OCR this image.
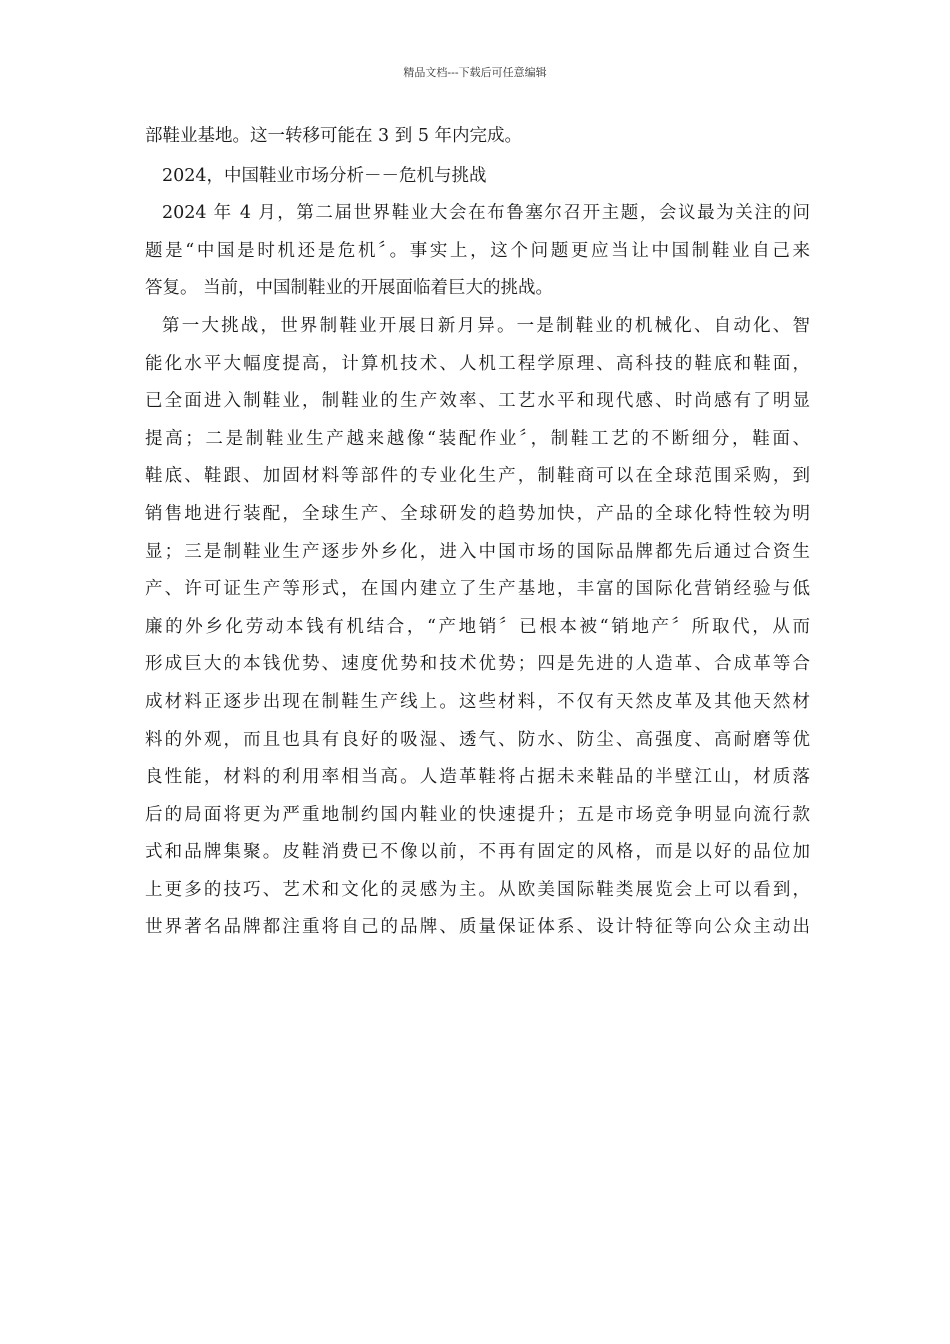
精品文档---下载后可任意编辑
部鞋业基地。这一转移可能在 3 到 5 年内完成。
2024，中国鞋业市场分析－－危机与挑战
2024 年 4 月，第二届世界鞋业大会在布鲁塞尔召开主题，会议最为关注的问
题是“中国是时机还是危机〞。事实上，这个问题更应当让中国制鞋业自己来
答复。 当前，中国制鞋业的开展面临着巨大的挑战。
第一大挑战，世界制鞋业开展日新月异。一是制鞋业的机械化、自动化、智
能化水平大幅度提高，计算机技术、人机工程学原理、高科技的鞋底和鞋面，
已全面进入制鞋业，制鞋业的生产效率、工艺水平和现代感、时尚感有了明显
提高；二是制鞋业生产越来越像“装配作业〞，制鞋工艺的不断细分，鞋面、
鞋底、鞋跟、加固材料等部件的专业化生产，制鞋商可以在全球范围采购，到
销售地进行装配，全球生产、全球研发的趋势加快，产品的全球化特性较为明
显；三是制鞋业生产逐步外乡化，进入中国市场的国际品牌都先后通过合资生
产、许可证生产等形式，在国内建立了生产基地，丰富的国际化营销经验与低
廉的外乡化劳动本钱有机结合，“产地销〞已根本被“销地产〞所取代，从而
形成巨大的本钱优势、速度优势和技术优势；四是先进的人造革、合成革等合
成材料正逐步出现在制鞋生产线上。这些材料，不仅有天然皮革及其他天然材
料的外观，而且也具有良好的吸湿、透气、防水、防尘、高强度、高耐磨等优
良性能，材料的利用率相当高。人造革鞋将占据未来鞋品的半壁江山，材质落
后的局面将更为严重地制约国内鞋业的快速提升；五是市场竞争明显向流行款
式和品牌集聚。皮鞋消费已不像以前，不再有固定的风格，而是以好的品位加
上更多的技巧、艺术和文化的灵感为主。从欧美国际鞋类展览会上可以看到，
世界著名品牌都注重将自己的品牌、质量保证体系、设计特征等向公众主动出
